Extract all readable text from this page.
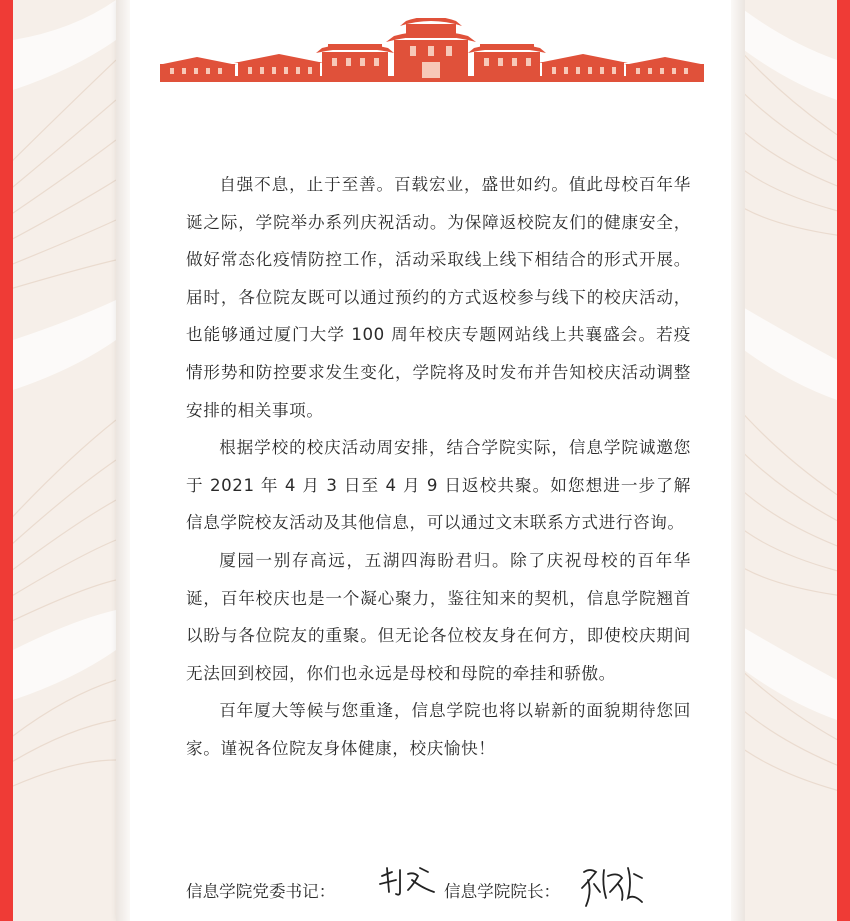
自强不息，止于至善。百载宏业，盛世如约。值此母校百年华诞之际，学院举办系列庆祝活动。为保障返校院友们的健康安全，做好常态化疫情防控工作，活动采取线上线下相结合的形式开展。届时，各位院友既可以通过预约的方式返校参与线下的校庆活动，也能够通过厦门大学 100 周年校庆专题网站线上共襄盛会。若疫情形势和防控要求发生变化，学院将及时发布并告知校庆活动调整安排的相关事项。

根据学校的校庆活动周安排，结合学院实际，信息学院诚邀您于 2021 年 4 月 3 日至 4 月 9 日返校共聚。如您想进一步了解信息学院校友活动及其他信息，可以通过文末联系方式进行咨询。

厦园一别存高远，五湖四海盼君归。除了庆祝母校的百年华诞，百年校庆也是一个凝心聚力，鉴往知来的契机，信息学院翘首以盼与各位院友的重聚。但无论各位校友身在何方，即使校庆期间无法回到校园，你们也永远是母校和母院的牵挂和骄傲。

百年厦大等候与您重逢，信息学院也将以崭新的面貌期待您回家。谨祝各位院友身体健康，校庆愉快！

信息学院党委书记：	信息学院院长：
